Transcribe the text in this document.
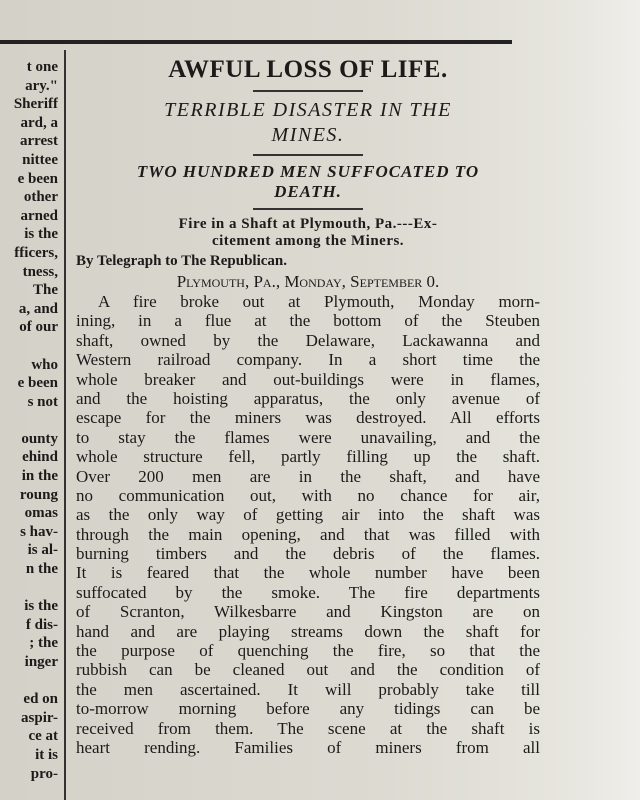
t one
ary."
Sheriff
ard, a
arrest
nittee
e been
other
arned
is the
fficers,
tness,
The
a, and
of our
who
e been
s not
ounty
ehind
in the
roung
omas
s hav-
is al-
n the
is the
f dis-
; the
inger
ed on
aspir-
ce at
it is
pro-
AWFUL LOSS OF LIFE.
TERRIBLE DISASTER IN THE
MINES.
TWO HUNDRED MEN SUFFOCATED TO
DEATH.
Fire in a Shaft at Plymouth, Pa.---Ex-
citement among the Miners.
By Telegraph to The Republican.
Plymouth, Pa., Monday, September 0.
A fire broke out at Plymouth, Monday morn-
ining, in a flue at the bottom of the Steuben
shaft, owned by the Delaware, Lackawanna and
Western railroad company. In a short time the
whole breaker and out-buildings were in flames,
and the hoisting apparatus, the only avenue of
escape for the miners was destroyed. All efforts
to stay the flames were unavailing, and the
whole structure fell, partly filling up the shaft.
Over 200 men are in the shaft, and have
no communication out, with no chance for air,
as the only way of getting air into the shaft was
through the main opening, and that was filled with
burning timbers and the debris of the flames.
It is feared that the whole number have been
suffocated by the smoke. The fire departments
of Scranton, Wilkesbarre and Kingston are on
hand and are playing streams down the shaft for
the purpose of quenching the fire, so that the
rubbish can be cleaned out and the condition of
the men ascertained. It will probably take till
to-morrow morning before any tidings can be
received from them. The scene at the shaft is
heart rending. Families of miners from all
